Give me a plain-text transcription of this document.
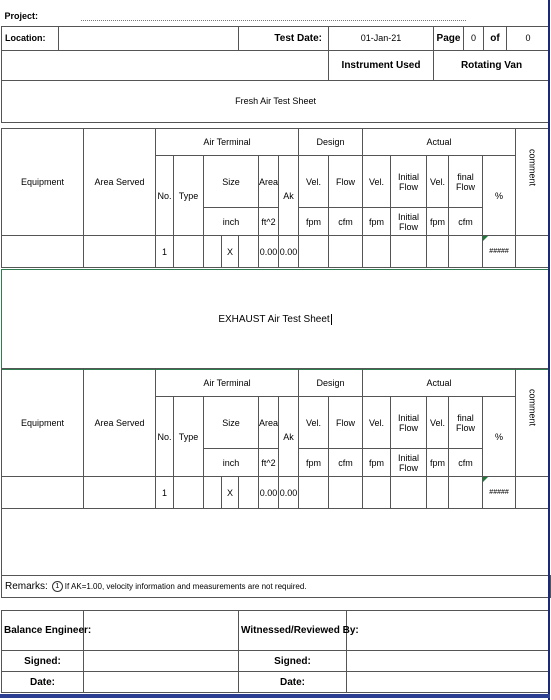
Project:							
Location:		Test Date:	01-Jan-21	Page	0	of	0
			Instrument Used	Rotating Van			
Fresh Air Test Sheet							
Equipment	Area Served	Air Terminal							Design		Actual					comment
		No.	Type	Size			Area	Ak	Vel.	Flow	Vel.	Initial Flow	Vel.	final Flow	%	
				inch			ft^2		fpm	cfm	fpm	Initial Flow	fpm	cfm		
		1			X		0.00	0.00							#####	
EXHAUST Air Test Sheet
Equipment	Area Served	Air Terminal							Design		Actual					comment
		No.	Type	Size			Area	Ak	Vel.	Flow	Vel.	Initial Flow	Vel.	final Flow	%	
				inch			ft^2		fpm	cfm	fpm	Initial Flow	fpm	cfm		
		1			X		0.00	0.00							#####	

Remarks: 1 If AK=1.00, velocity information and measurements are not required.
Balance Engineer:		Witnessed/Reviewed By:	
Signed:		Signed:	
Date:		Date:	
